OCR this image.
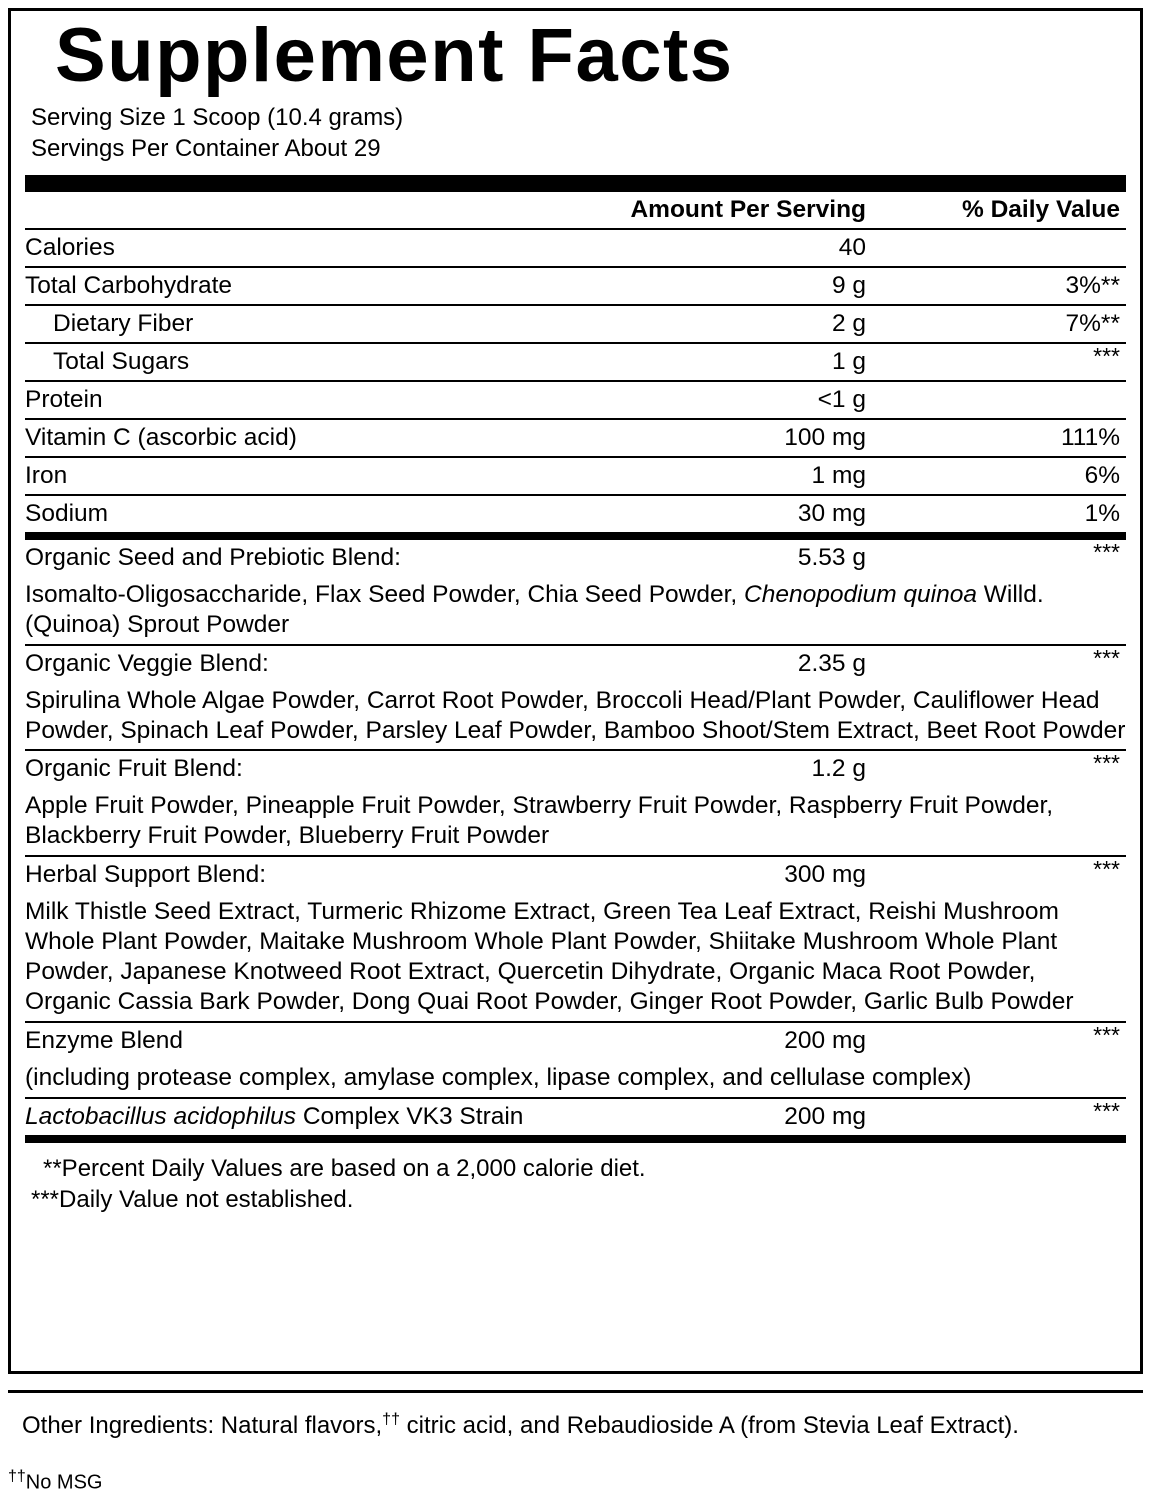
Supplement Facts
Serving Size 1 Scoop (10.4 grams)
Servings Per Container About 29
	Amount Per Serving	% Daily Value
Calories	40	
Total Carbohydrate	9 g	3%**
Dietary Fiber	2 g	7%**
Total Sugars	1 g	***
Protein	<1 g	
Vitamin C (ascorbic acid)	100 mg	111%
Iron	1 mg	6%
Sodium	30 mg	1%
Organic Seed and Prebiotic Blend:	5.53 g	***
Isomalto-Oligosaccharide, Flax Seed Powder, Chia Seed Powder, Chenopodium quinoa Willd. (Quinoa) Sprout Powder		
Organic Veggie Blend:	2.35 g	***
Spirulina Whole Algae Powder, Carrot Root Powder, Broccoli Head/Plant Powder, Cauliflower Head Powder, Spinach Leaf Powder, Parsley Leaf Powder, Bamboo Shoot/Stem Extract, Beet Root Powder		
Organic Fruit Blend:	1.2 g	***
Apple Fruit Powder, Pineapple Fruit Powder, Strawberry Fruit Powder, Raspberry Fruit Powder, Blackberry Fruit Powder, Blueberry Fruit Powder		
Herbal Support Blend:	300 mg	***
Milk Thistle Seed Extract, Turmeric Rhizome Extract, Green Tea Leaf Extract, Reishi Mushroom Whole Plant Powder, Maitake Mushroom Whole Plant Powder, Shiitake Mushroom Whole Plant Powder, Japanese Knotweed Root Extract, Quercetin Dihydrate, Organic Maca Root Powder, Organic Cassia Bark Powder, Dong Quai Root Powder, Ginger Root Powder, Garlic Bulb Powder		
Enzyme Blend	200 mg	***
(including protease complex, amylase complex, lipase complex, and cellulase complex)		
Lactobacillus acidophilus Complex VK3 Strain	200 mg	***
**Percent Daily Values are based on a 2,000 calorie diet.
***Daily Value not established.
Other Ingredients: Natural flavors,†† citric acid, and Rebaudioside A (from Stevia Leaf Extract).
††No MSG
